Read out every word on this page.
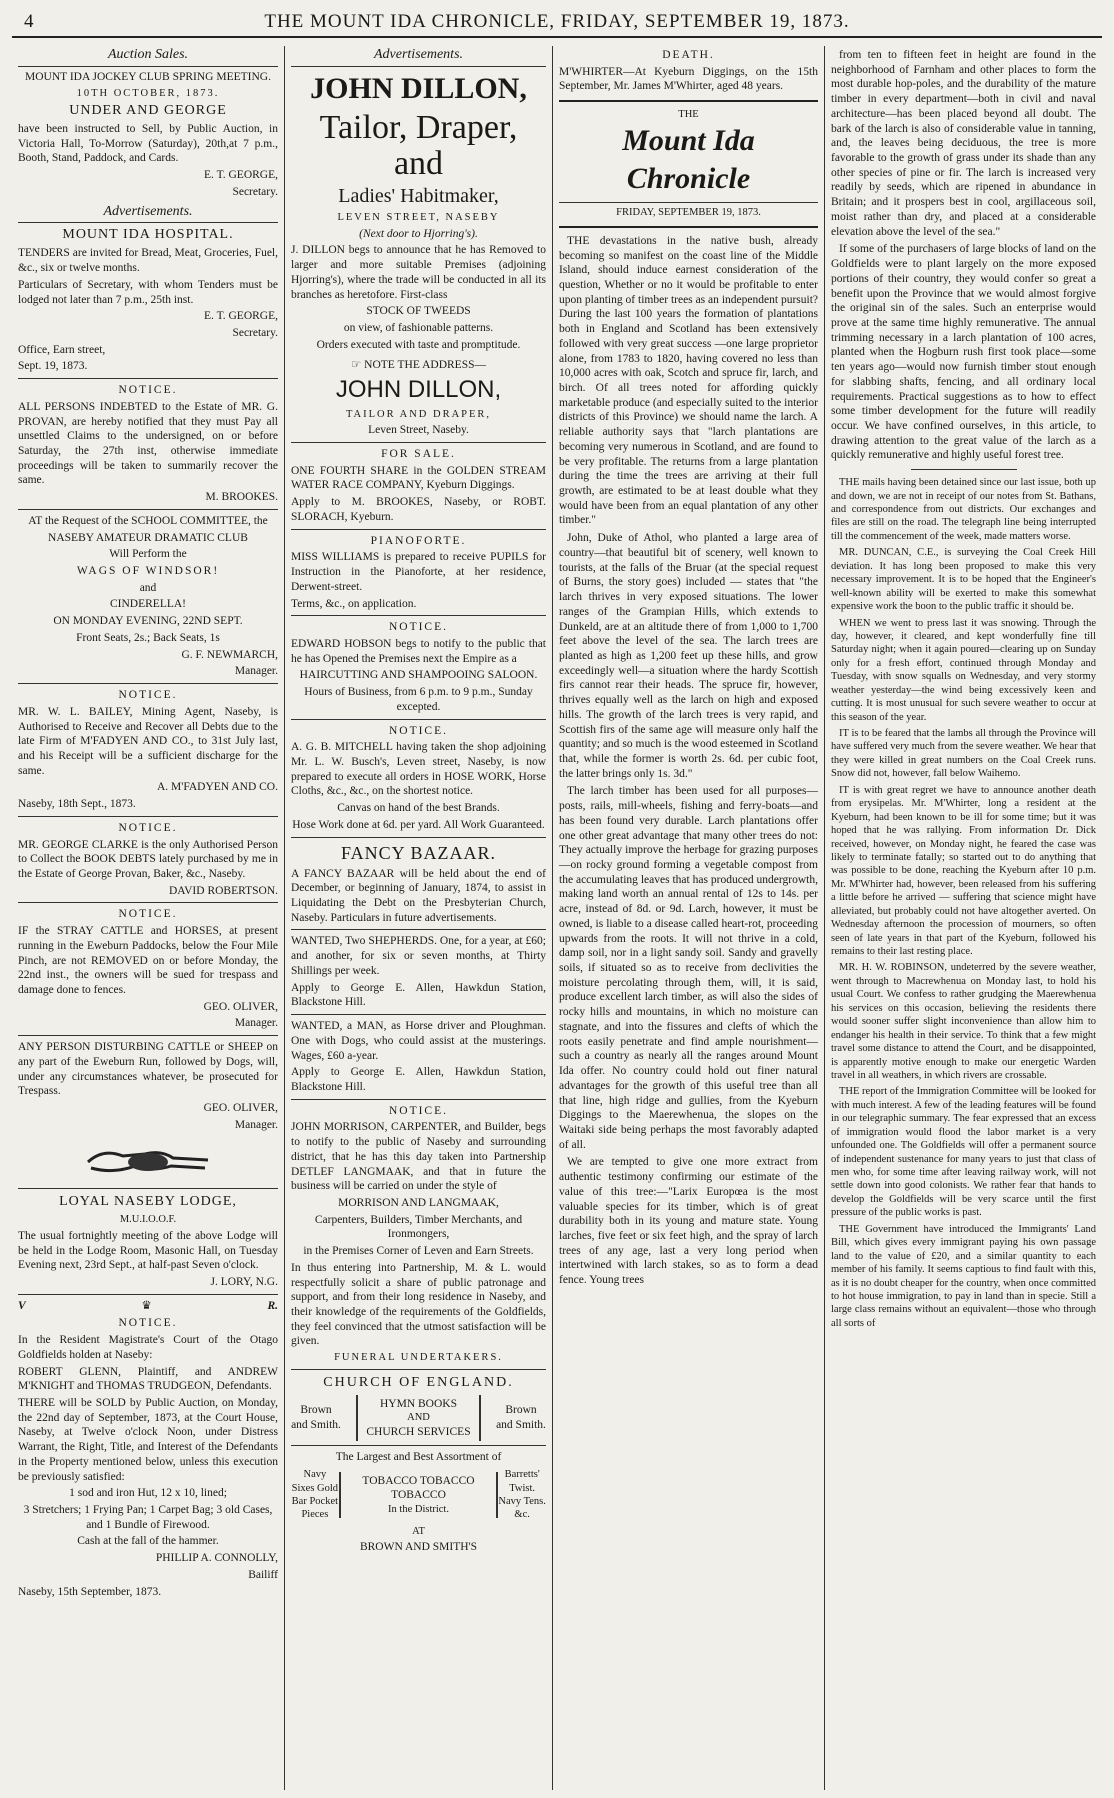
4	THE MOUNT IDA CHRONICLE, FRIDAY, SEPTEMBER 19, 1873.
Auction Sales.

MOUNT IDA JOCKEY CLUB SPRING MEETING.

10TH OCTOBER, 1873.

UNDER AND GEORGE

have been instructed to Sell, by Public Auction, in Victoria Hall, To-Morrow (Saturday), 20th,at 7 p.m., Booth, Stand, Paddock, and Cards.

E. T. GEORGE,

Secretary.

Advertisements.

MOUNT IDA HOSPITAL.

TENDERS are invited for Bread, Meat, Groceries, Fuel, &c., six or twelve months.

Particulars of Secretary, with whom Tenders must be lodged not later than 7 p.m., 25th inst.

E. T. GEORGE,

Secretary.

Office, Earn street,

Sept. 19, 1873.

NOTICE.

ALL PERSONS INDEBTED to the Estate of MR. G. PROVAN, are hereby notified that they must Pay all unsettled Claims to the undersigned, on or before Saturday, the 27th inst, otherwise immediate proceedings will be taken to summarily recover the same.

M. BROOKES.

AT the Request of the SCHOOL COMMITTEE, the

NASEBY AMATEUR DRAMATIC CLUB

Will Perform the

WAGS OF WINDSOR!

and

CINDERELLA!

ON MONDAY EVENING, 22ND SEPT.

Front Seats, 2s.; Back Seats, 1s

G. F. NEWMARCH,

Manager.

NOTICE.

MR. W. L. BAILEY, Mining Agent, Naseby, is Authorised to Receive and Recover all Debts due to the late Firm of M'FADYEN AND CO., to 31st July last, and his Receipt will be a sufficient discharge for the same.

A. M'FADYEN AND CO.

Naseby, 18th Sept., 1873.

NOTICE.

MR. GEORGE CLARKE is the only Authorised Person to Collect the BOOK DEBTS lately purchased by me in the Estate of George Provan, Baker, &c., Naseby.

DAVID ROBERTSON.

NOTICE.

IF the STRAY CATTLE and HORSES, at present running in the Eweburn Paddocks, below the Four Mile Pinch, are not REMOVED on or before Monday, the 22nd inst., the owners will be sued for trespass and damage done to fences.

GEO. OLIVER,

Manager.

ANY PERSON DISTURBING CATTLE or SHEEP on any part of the Eweburn Run, followed by Dogs, will, under any circumstances whatever, be prosecuted for Trespass.

GEO. OLIVER,

Manager.

LOYAL NASEBY LODGE,

M.U.I.O.O.F.

The usual fortnightly meeting of the above Lodge will be held in the Lodge Room, Masonic Hall, on Tuesday Evening next, 23rd Sept., at half-past Seven o'clock.

J. LORY, N.G.

V	♛	R.

NOTICE.

In the Resident Magistrate's Court of the Otago Goldfields holden at Naseby:

ROBERT GLENN, Plaintiff, and ANDREW M'KNIGHT and THOMAS TRUDGEON, Defendants.

THERE will be SOLD by Public Auction, on Monday, the 22nd day of September, 1873, at the Court House, Naseby, at Twelve o'clock Noon, under Distress Warrant, the Right, Title, and Interest of the Defendants in the Property mentioned below, unless this execution be previously satisfied:

1 sod and iron Hut, 12 x 10, lined;

3 Stretchers; 1 Frying Pan; 1 Carpet Bag; 3 old Cases, and 1 Bundle of Firewood.

Cash at the fall of the hammer.

PHILLIP A. CONNOLLY,

Bailiff

Naseby, 15th September, 1873.

Advertisements.

JOHN DILLON,

Tailor, Draper, and

Ladies' Habitmaker,

LEVEN STREET, NASEBY

(Next door to Hjorring's).

J. DILLON begs to announce that he has Removed to larger and more suitable Premises (adjoining Hjorring's), where the trade will be conducted in all its branches as heretofore. First-class

STOCK OF TWEEDS

on view, of fashionable patterns.

Orders executed with taste and promptitude.

☞ NOTE THE ADDRESS—

JOHN DILLON,

TAILOR AND DRAPER,

Leven Street, Naseby.

FOR SALE.

ONE FOURTH SHARE in the GOLDEN STREAM WATER RACE COMPANY, Kyeburn Diggings.

Apply to M. BROOKES, Naseby, or ROBT. SLORACH, Kyeburn.

PIANOFORTE.

MISS WILLIAMS is prepared to receive PUPILS for Instruction in the Pianoforte, at her residence, Derwent-street.

Terms, &c., on application.

NOTICE.

EDWARD HOBSON begs to notify to the public that he has Opened the Premises next the Empire as a

HAIRCUTTING AND SHAMPOOING SALOON.

Hours of Business, from 6 p.m. to 9 p.m., Sunday excepted.

NOTICE.

A. G. B. MITCHELL having taken the shop adjoining Mr. L. W. Busch's, Leven street, Naseby, is now prepared to execute all orders in HOSE WORK, Horse Cloths, &c., &c., on the shortest notice.

Canvas on hand of the best Brands.

Hose Work done at 6d. per yard. All Work Guaranteed.

FANCY BAZAAR.

A FANCY BAZAAR will be held about the end of December, or beginning of January, 1874, to assist in Liquidating the Debt on the Presbyterian Church, Naseby. Particulars in future advertisements.

WANTED, Two SHEPHERDS. One, for a year, at £60; and another, for six or seven months, at Thirty Shillings per week.

Apply to George E. Allen, Hawkdun Station, Blackstone Hill.

WANTED, a MAN, as Horse driver and Ploughman. One with Dogs, who could assist at the musterings. Wages, £60 a-year.

Apply to George E. Allen, Hawkdun Station, Blackstone Hill.

NOTICE.

JOHN MORRISON, CARPENTER, and Builder, begs to notify to the public of Naseby and surrounding district, that he has this day taken into Partnership DETLEF LANGMAAK, and that in future the business will be carried on under the style of

MORRISON AND LANGMAAK,

Carpenters, Builders, Timber Merchants, and Ironmongers,

in the Premises Corner of Leven and Earn Streets.

In thus entering into Partnership, M. & L. would respectfully solicit a share of public patronage and support, and from their long residence in Naseby, and their knowledge of the requirements of the Goldfields, they feel convinced that the utmost satisfaction will be given.

FUNERAL UNDERTAKERS.

CHURCH OF ENGLAND.

Brown and Smith.
HYMN BOOKS
AND
CHURCH SERVICES
Brown and Smith.

The Largest and Best Assortment of

Navy Sixes Gold Bar Pocket Pieces
TOBACCO TOBACCO TOBACCO
In the District.
Barretts' Twist. Navy Tens. &c.

AT

BROWN AND SMITH'S

DEATH.

M'WHIRTER—At Kyeburn Diggings, on the 15th September, Mr. James M'Whirter, aged 48 years.

THE
Mount Ida Chronicle
FRIDAY, SEPTEMBER 19, 1873.

THE devastations in the native bush, already becoming so manifest on the coast line of the Middle Island, should induce earnest consideration of the question, Whether or no it would be profitable to enter upon planting of timber trees as an independent pursuit? During the last 100 years the formation of plantations both in England and Scotland has been extensively followed with very great success —one large proprietor alone, from 1783 to 1820, having covered no less than 10,000 acres with oak, Scotch and spruce fir, larch, and birch. Of all trees noted for affording quickly marketable produce (and especially suited to the interior districts of this Province) we should name the larch. A reliable authority says that "larch plantations are becoming very numerous in Scotland, and are found to be very profitable. The returns from a large plantation during the time the trees are arriving at their full growth, are estimated to be at least double what they would have been from an equal plantation of any other timber."

John, Duke of Athol, who planted a large area of country—that beautiful bit of scenery, well known to tourists, at the falls of the Bruar (at the special request of Burns, the story goes) included — states that "the larch thrives in very exposed situations. The lower ranges of the Grampian Hills, which extends to Dunkeld, are at an altitude there of from 1,000 to 1,700 feet above the level of the sea. The larch trees are planted as high as 1,200 feet up these hills, and grow exceedingly well—a situation where the hardy Scottish firs cannot rear their heads. The spruce fir, however, thrives equally well as the larch on high and exposed hills. The growth of the larch trees is very rapid, and Scottish firs of the same age will measure only half the quantity; and so much is the wood esteemed in Scotland that, while the former is worth 2s. 6d. per cubic foot, the latter brings only 1s. 3d."

The larch timber has been used for all purposes—posts, rails, mill-wheels, fishing and ferry-boats—and has been found very durable. Larch plantations offer one other great advantage that many other trees do not: They actually improve the herbage for grazing purposes—on rocky ground forming a vegetable compost from the accumulating leaves that has produced undergrowth, making land worth an annual rental of 12s to 14s. per acre, instead of 8d. or 9d. Larch, however, it must be owned, is liable to a disease called heart-rot, proceeding upwards from the roots. It will not thrive in a cold, damp soil, nor in a light sandy soil. Sandy and gravelly soils, if situated so as to receive from declivities the moisture percolating through them, will, it is said, produce excellent larch timber, as will also the sides of rocky hills and mountains, in which no moisture can stagnate, and into the fissures and clefts of which the roots easily penetrate and find ample nourishment—such a country as nearly all the ranges around Mount Ida offer. No country could hold out finer natural advantages for the growth of this useful tree than all that line, high ridge and gullies, from the Kyeburn Diggings to the Maerewhenua, the slopes on the Waitaki side being perhaps the most favorably adapted of all.

We are tempted to give one more extract from authentic testimony confirming our estimate of the value of this tree:—"Larix Europœa is the most valuable species for its timber, which is of great durability both in its young and mature state. Young larches, five feet or six feet high, and the spray of larch trees of any age, last a very long period when intertwined with larch stakes, so as to form a dead fence. Young trees

from ten to fifteen feet in height are found in the neighborhood of Farnham and other places to form the most durable hop-poles, and the durability of the mature timber in every department—both in civil and naval architecture—has been placed beyond all doubt. The bark of the larch is also of considerable value in tanning, and, the leaves being deciduous, the tree is more favorable to the growth of grass under its shade than any other species of pine or fir. The larch is increased very readily by seeds, which are ripened in abundance in Britain; and it prospers best in cool, argillaceous soil, moist rather than dry, and placed at a considerable elevation above the level of the sea."

If some of the purchasers of large blocks of land on the Goldfields were to plant largely on the more exposed portions of their country, they would confer so great a benefit upon the Province that we would almost forgive the original sin of the sales. Such an enterprise would prove at the same time highly remunerative. The annual trimming necessary in a larch plantation of 100 acres, planted when the Hogburn rush first took place—some ten years ago—would now furnish timber stout enough for slabbing shafts, fencing, and all ordinary local requirements. Practical suggestions as to how to effect some timber development for the future will readily occur. We have confined ourselves, in this article, to drawing attention to the great value of the larch as a quickly remunerative and highly useful forest tree.

THE mails having been detained since our last issue, both up and down, we are not in receipt of our notes from St. Bathans, and correspondence from out districts. Our exchanges and files are still on the road. The telegraph line being interrupted till the commencement of the week, made matters worse.

MR. DUNCAN, C.E., is surveying the Coal Creek Hill deviation. It has long been proposed to make this very necessary improvement. It is to be hoped that the Engineer's well-known ability will be exerted to make this somewhat expensive work the boon to the public traffic it should be.

WHEN we went to press last it was snowing. Through the day, however, it cleared, and kept wonderfully fine till Saturday night; when it again poured—clearing up on Sunday only for a fresh effort, continued through Monday and Tuesday, with snow squalls on Wednesday, and very stormy weather yesterday—the wind being excessively keen and cutting. It is most unusual for such severe weather to occur at this season of the year.

IT is to be feared that the lambs all through the Province will have suffered very much from the severe weather. We hear that they were killed in great numbers on the Coal Creek runs. Snow did not, however, fall below Waihemo.

IT is with great regret we have to announce another death from erysipelas. Mr. M'Whirter, long a resident at the Kyeburn, had been known to be ill for some time; but it was hoped that he was rallying. From information Dr. Dick received, however, on Monday night, he feared the case was likely to terminate fatally; so started out to do anything that was possible to be done, reaching the Kyeburn after 10 p.m. Mr. M'Whirter had, however, been released from his suffering a little before he arrived — suffering that science might have alleviated, but probably could not have altogether averted. On Wednesday afternoon the procession of mourners, so often seen of late years in that part of the Kyeburn, followed his remains to their last resting place.

MR. H. W. ROBINSON, undeterred by the severe weather, went through to Macrewhenua on Monday last, to hold his usual Court. We confess to rather grudging the Maerewhenua his services on this occasion, believing the residents there would sooner suffer slight inconvenience than allow him to endanger his health in their service. To think that a few might travel some distance to attend the Court, and be disappointed, is apparently motive enough to make our energetic Warden travel in all weathers, in which rivers are crossable.

THE report of the Immigration Committee will be looked for with much interest. A few of the leading features will be found in our telegraphic summary. The fear expressed that an excess of immigration would flood the labor market is a very unfounded one. The Goldfields will offer a permanent source of independent sustenance for many years to just that class of men who, for some time after leaving railway work, will not settle down into good colonists. We rather fear that hands to develop the Goldfields will be very scarce until the first pressure of the public works is past.

THE Government have introduced the Immigrants' Land Bill, which gives every immigrant paying his own passage land to the value of £20, and a similar quantity to each member of his family. It seems captious to find fault with this, as it is no doubt cheaper for the country, when once committed to hot house immigration, to pay in land than in specie. Still a large class remains without an equivalent—those who through all sorts of
